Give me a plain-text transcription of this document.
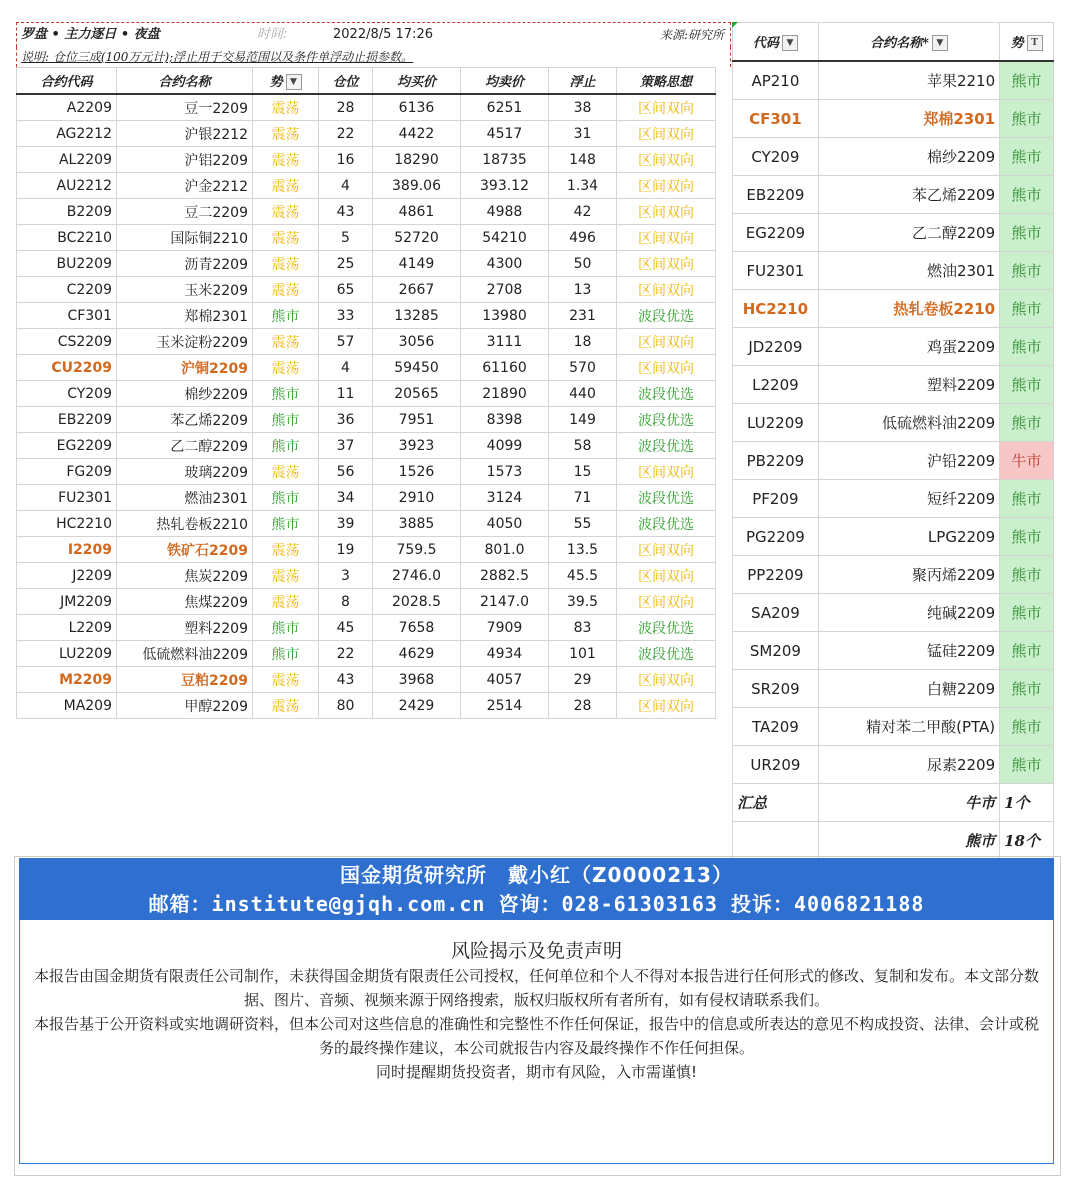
罗盘 • 主力逐日 • 夜盘	时间:	2022/8/5 17:26	来源:研究所
说明: 仓位三成(100万元计);浮止用于交易范围以及条件单浮动止损参数。
合约代码	合约名称	势 ▼	仓位	均买价	均卖价	浮止	策略思想
A2209	豆一2209	震荡	28	6136	6251	38	区间双向
AG2212	沪银2212	震荡	22	4422	4517	31	区间双向
AL2209	沪铝2209	震荡	16	18290	18735	148	区间双向
AU2212	沪金2212	震荡	4	389.06	393.12	1.34	区间双向
B2209	豆二2209	震荡	43	4861	4988	42	区间双向
BC2210	国际铜2210	震荡	5	52720	54210	496	区间双向
BU2209	沥青2209	震荡	25	4149	4300	50	区间双向
C2209	玉米2209	震荡	65	2667	2708	13	区间双向
CF301	郑棉2301	熊市	33	13285	13980	231	波段优选
CS2209	玉米淀粉2209	震荡	57	3056	3111	18	区间双向
CU2209	沪铜2209	震荡	4	59450	61160	570	区间双向
CY209	棉纱2209	熊市	11	20565	21890	440	波段优选
EB2209	苯乙烯2209	熊市	36	7951	8398	149	波段优选
EG2209	乙二醇2209	熊市	37	3923	4099	58	波段优选
FG209	玻璃2209	震荡	56	1526	1573	15	区间双向
FU2301	燃油2301	熊市	34	2910	3124	71	波段优选
HC2210	热轧卷板2210	熊市	39	3885	4050	55	波段优选
I2209	铁矿石2209	震荡	19	759.5	801.0	13.5	区间双向
J2209	焦炭2209	震荡	3	2746.0	2882.5	45.5	区间双向
JM2209	焦煤2209	震荡	8	2028.5	2147.0	39.5	区间双向
L2209	塑料2209	熊市	45	7658	7909	83	波段优选
LU2209	低硫燃料油2209	熊市	22	4629	4934	101	波段优选
M2209	豆粕2209	震荡	43	3968	4057	29	区间双向
MA209	甲醇2209	震荡	80	2429	2514	28	区间双向
代码 ▼	合约名称* ▼	势 T
AP210	苹果2210	熊市
CF301	郑棉2301	熊市
CY209	棉纱2209	熊市
EB2209	苯乙烯2209	熊市
EG2209	乙二醇2209	熊市
FU2301	燃油2301	熊市
HC2210	热轧卷板2210	熊市
JD2209	鸡蛋2209	熊市
L2209	塑料2209	熊市
LU2209	低硫燃料油2209	熊市
PB2209	沪铅2209	牛市
PF209	短纤2209	熊市
PG2209	LPG2209	熊市
PP2209	聚丙烯2209	熊市
SA209	纯碱2209	熊市
SM209	锰硅2209	熊市
SR209	白糖2209	熊市
TA209	精对苯二甲酸(PTA)	熊市
UR209	尿素2209	熊市
汇总	牛市	1个
	熊市	18个
国金期货研究所　戴小红（Z0000213）
邮箱：institute@gjqh.com.cn 咨询：028-61303163 投诉：4006821188
风险揭示及免责声明

本报告由国金期货有限责任公司制作，未获得国金期货有限责任公司授权，任何单位和个人不得对本报告进行任何形式的修改、复制和发布。本文部分数据、图片、音频、视频来源于网络搜索，版权归版权所有者所有，如有侵权请联系我们。

本报告基于公开资料或实地调研资料，但本公司对这些信息的准确性和完整性不作任何保证，报告中的信息或所表达的意见不构成投资、法律、会计或税务的最终操作建议，本公司就报告内容及最终操作不作任何担保。

同时提醒期货投资者，期市有风险，入市需谨慎!
